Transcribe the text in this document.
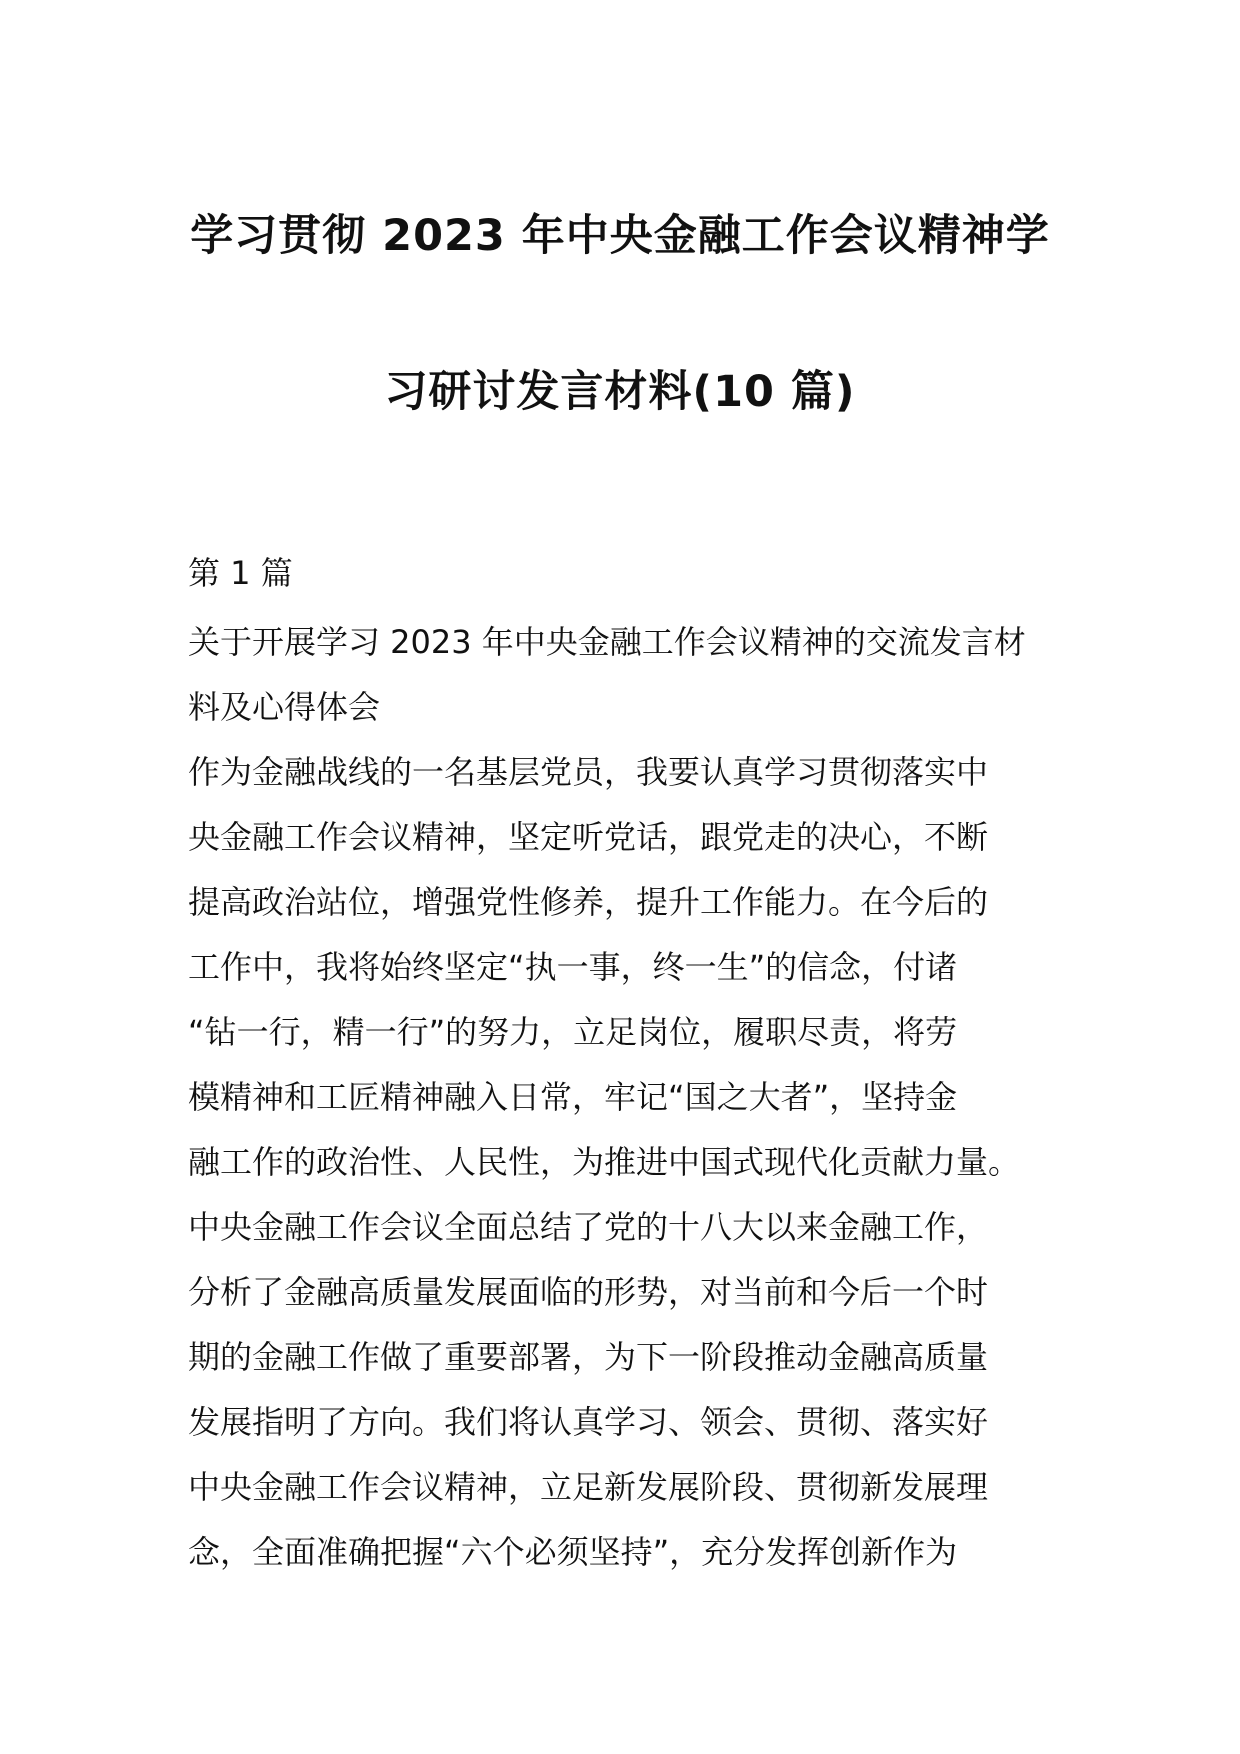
学习贯彻 2023 年中央金融工作会议精神学
习研讨发言材料(10 篇)
第 1 篇
关于开展学习 2023 年中央金融工作会议精神的交流发言材
料及心得体会
作为金融战线的一名基层党员，我要认真学习贯彻落实中
央金融工作会议精神，坚定听党话，跟党走的决心，不断
提高政治站位，增强党性修养，提升工作能力。在今后的
工作中，我将始终坚定“执一事，终一生”的信念，付诸
“钻一行，精一行”的努力，立足岗位，履职尽责，将劳
模精神和工匠精神融入日常，牢记“国之大者”，坚持金
融工作的政治性、人民性，为推进中国式现代化贡献力量。
中央金融工作会议全面总结了党的十八大以来金融工作，
分析了金融高质量发展面临的形势，对当前和今后一个时
期的金融工作做了重要部署，为下一阶段推动金融高质量
发展指明了方向。我们将认真学习、领会、贯彻、落实好
中央金融工作会议精神，立足新发展阶段、贯彻新发展理
念，全面准确把握“六个必须坚持”，充分发挥创新作为
